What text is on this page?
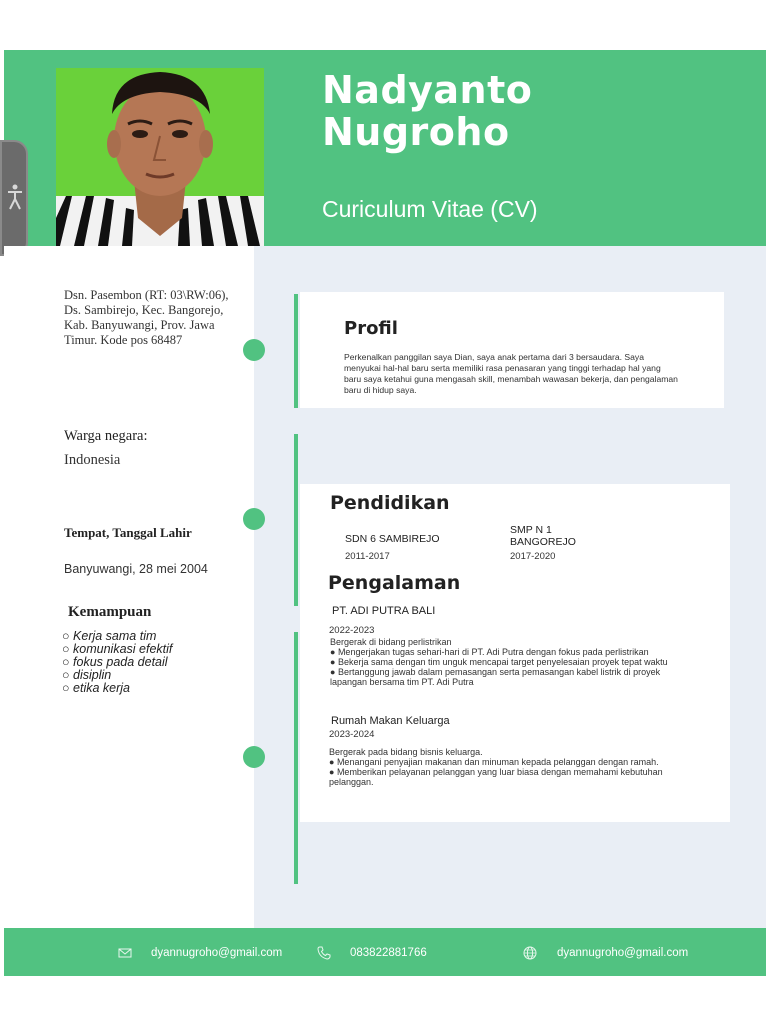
Nadyanto
Nugroho
Curiculum Vitae (CV)
Dsn. Pasembon (RT: 03\RW:06), Ds. Sambirejo, Kec. Bangorejo, Kab. Banyuwangi, Prov. Jawa Timur. Kode pos 68487
Warga negara:
Indonesia
Tempat, Tanggal Lahir
Banyuwangi, 28 mei 2004
Kemampuan
○ Kerja sama tim
○ komunikasi efektif
○ fokus pada detail
○ disiplin
○ etika kerja
Profil
Perkenalkan panggilan saya Dian, saya anak pertama dari 3 bersaudara. Saya menyukai hal-hal baru serta memiliki rasa penasaran yang tinggi terhadap hal yang baru saya ketahui guna mengasah skill, menambah wawasan bekerja, dan pengalaman baru di hidup saya.
Pendidikan
SDN 6 SAMBIREJO
2011-2017
SMP N 1 BANGOREJO
2017-2020
Pengalaman
PT. ADI PUTRA BALI
2022-2023

Bergerak di bidang perlistrikan

● Mengerjakan tugas sehari-hari di PT. Adi Putra dengan fokus pada perlistrikan

● Bekerja sama dengan tim unguk mencapai target penyelesaian proyek tepat waktu

● Bertanggung jawab dalam pemasangan serta pemasangan kabel listrik di proyek lapangan bersama tim PT. Adi Putra

Rumah Makan Keluarga
2023-2024

Bergerak pada bidang bisnis keluarga.

● Menangani penyajian makanan dan minuman kepada pelanggan dengan ramah.

● Memberikan pelayanan pelanggan yang luar biasa dengan memahami kebutuhan pelanggan.

dyannugroho@gmail.com	083822881766	dyannugroho@gmail.com
